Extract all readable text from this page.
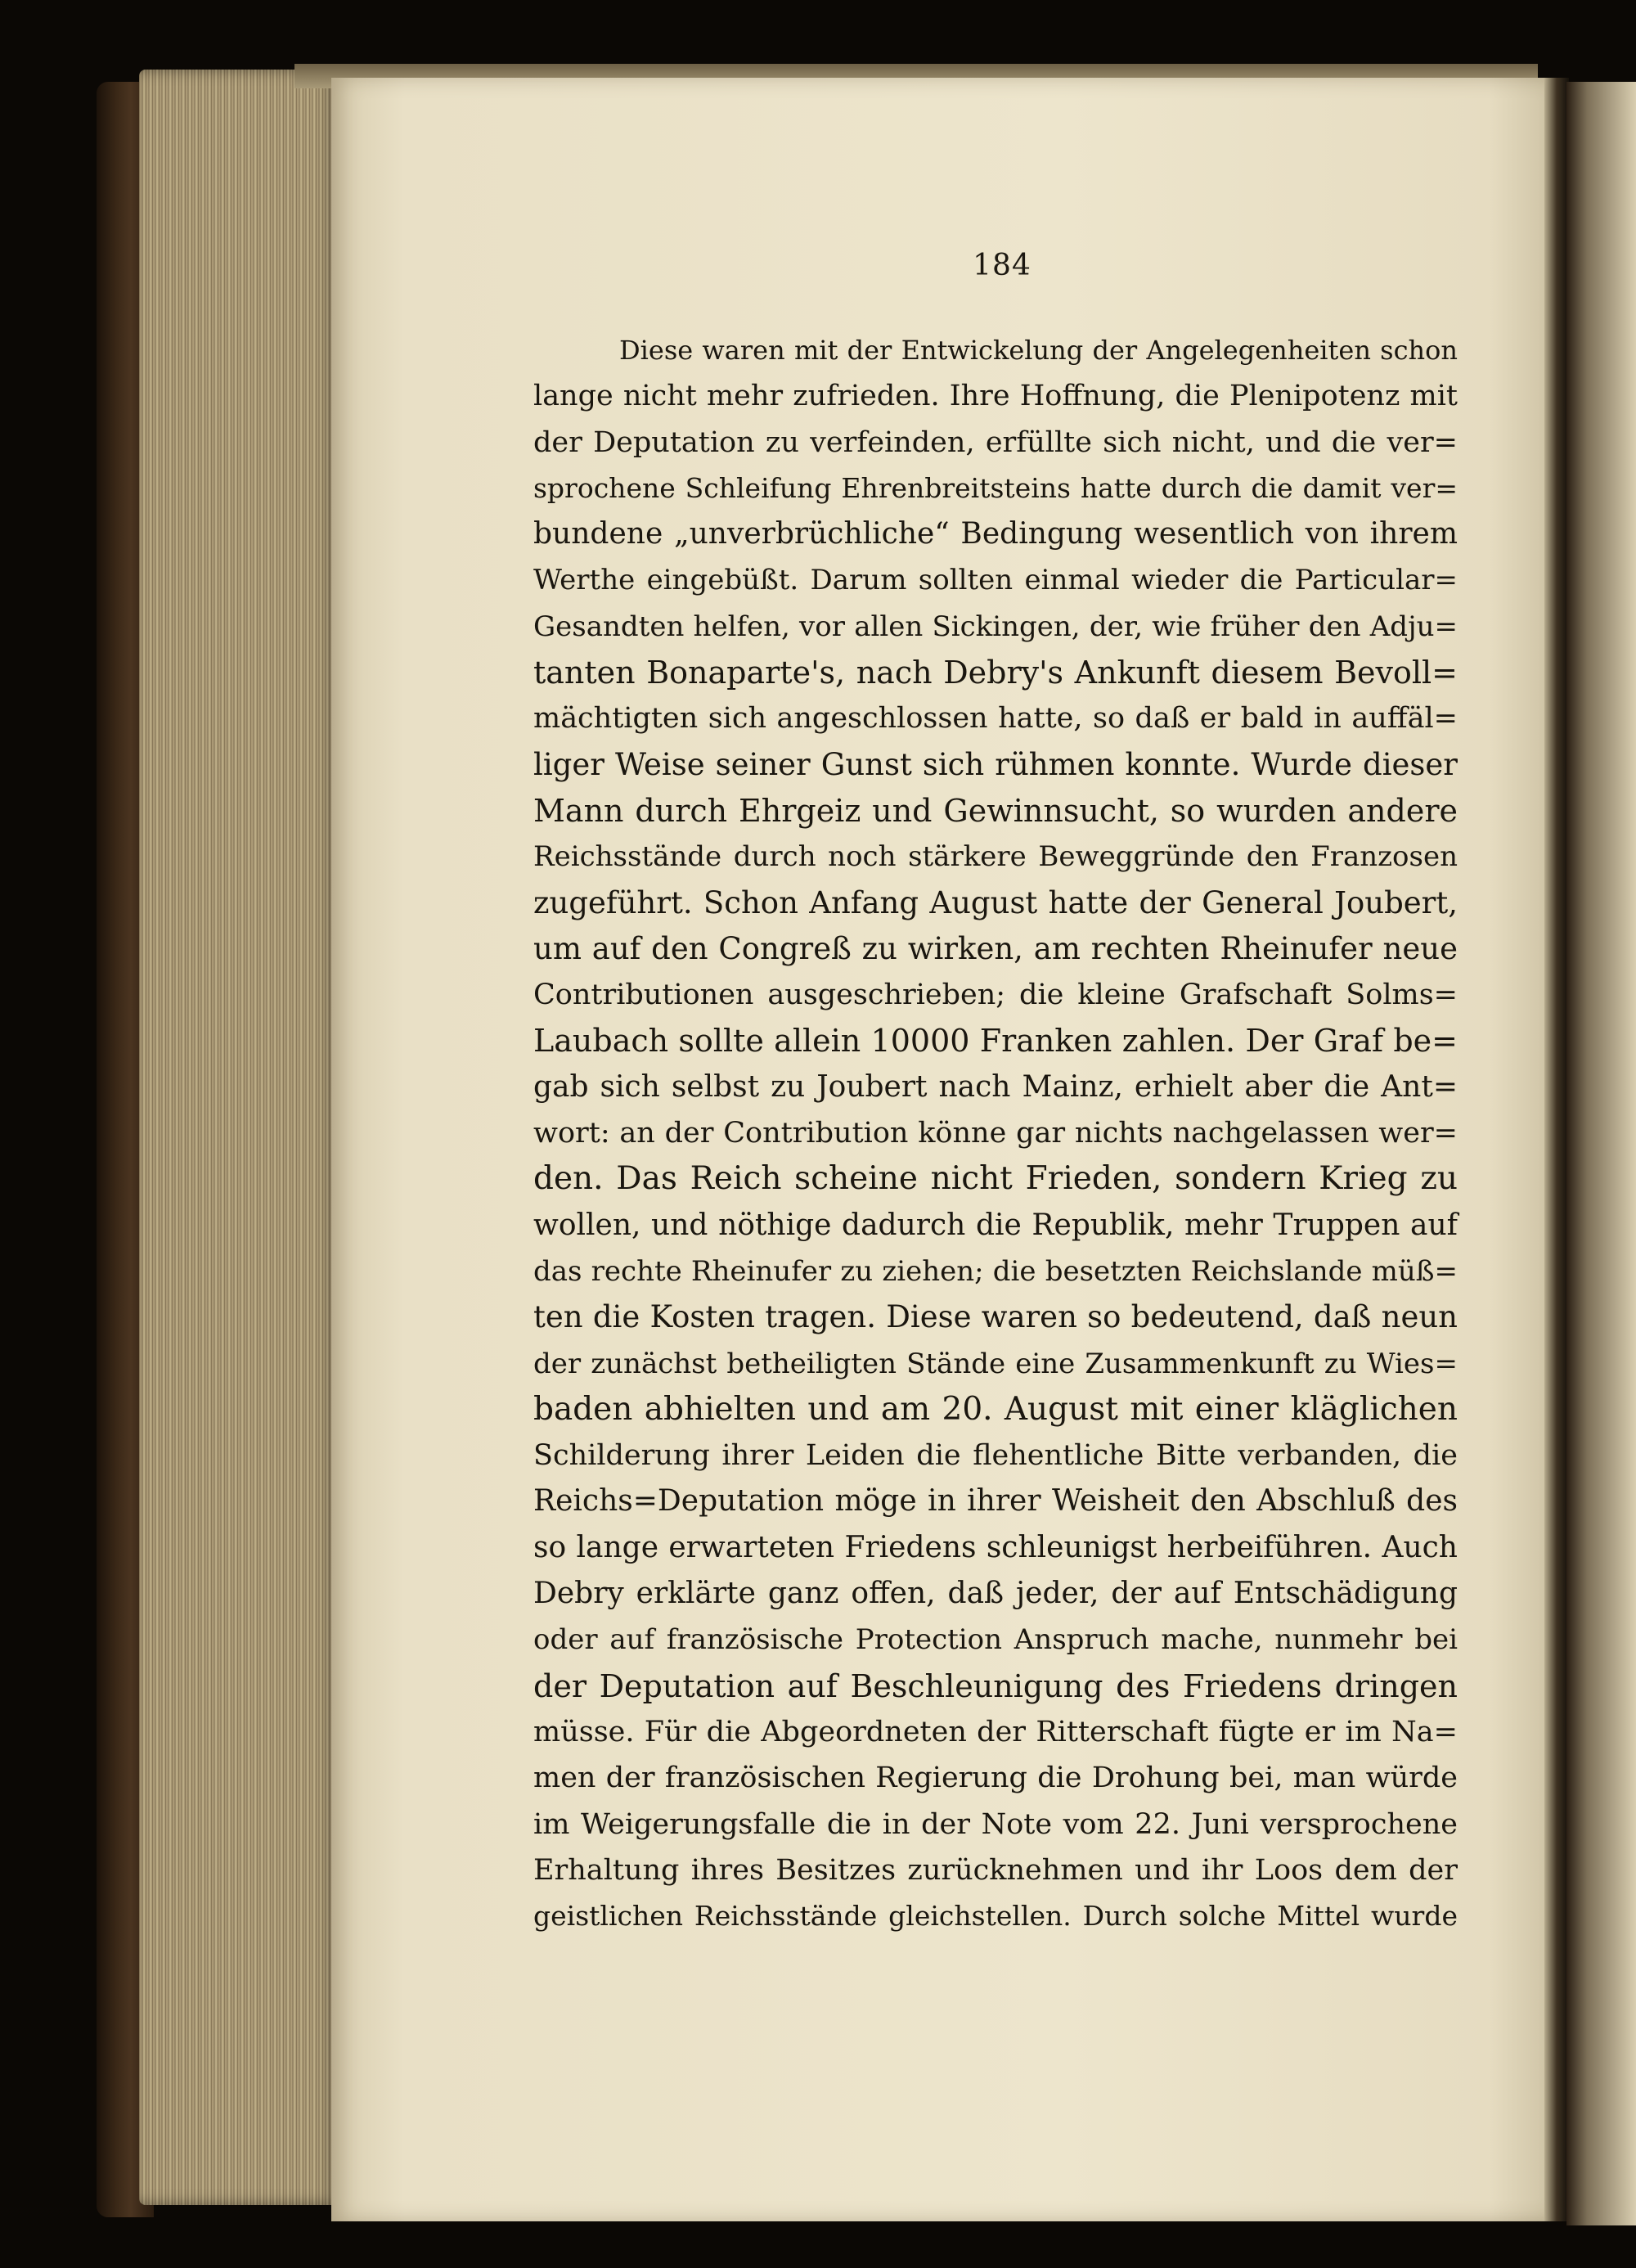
184
Diese waren mit der Entwickelung der Angelegenheiten schon
lange nicht mehr zufrieden. Ihre Hoffnung, die Plenipotenz mit
der Deputation zu verfeinden, erfüllte sich nicht, und die ver=
sprochene Schleifung Ehrenbreitsteins hatte durch die damit ver=
bundene „unverbrüchliche“ Bedingung wesentlich von ihrem
Werthe eingebüßt. Darum sollten einmal wieder die Particular=
Gesandten helfen, vor allen Sickingen, der, wie früher den Adju=
tanten Bonaparte's, nach Debry's Ankunft diesem Bevoll=
mächtigten sich angeschlossen hatte, so daß er bald in auffäl=
liger Weise seiner Gunst sich rühmen konnte. Wurde dieser
Mann durch Ehrgeiz und Gewinnsucht, so wurden andere
Reichsstände durch noch stärkere Beweggründe den Franzosen
zugeführt. Schon Anfang August hatte der General Joubert,
um auf den Congreß zu wirken, am rechten Rheinufer neue
Contributionen ausgeschrieben; die kleine Grafschaft Solms=
Laubach sollte allein 10000 Franken zahlen. Der Graf be=
gab sich selbst zu Joubert nach Mainz, erhielt aber die Ant=
wort: an der Contribution könne gar nichts nachgelassen wer=
den. Das Reich scheine nicht Frieden, sondern Krieg zu
wollen, und nöthige dadurch die Republik, mehr Truppen auf
das rechte Rheinufer zu ziehen; die besetzten Reichslande müß=
ten die Kosten tragen. Diese waren so bedeutend, daß neun
der zunächst betheiligten Stände eine Zusammenkunft zu Wies=
baden abhielten und am 20. August mit einer kläglichen
Schilderung ihrer Leiden die flehentliche Bitte verbanden, die
Reichs=Deputation möge in ihrer Weisheit den Abschluß des
so lange erwarteten Friedens schleunigst herbeiführen. Auch
Debry erklärte ganz offen, daß jeder, der auf Entschädigung
oder auf französische Protection Anspruch mache, nunmehr bei
der Deputation auf Beschleunigung des Friedens dringen
müsse. Für die Abgeordneten der Ritterschaft fügte er im Na=
men der französischen Regierung die Drohung bei, man würde
im Weigerungsfalle die in der Note vom 22. Juni versprochene
Erhaltung ihres Besitzes zurücknehmen und ihr Loos dem der
geistlichen Reichsstände gleichstellen. Durch solche Mittel wurde
